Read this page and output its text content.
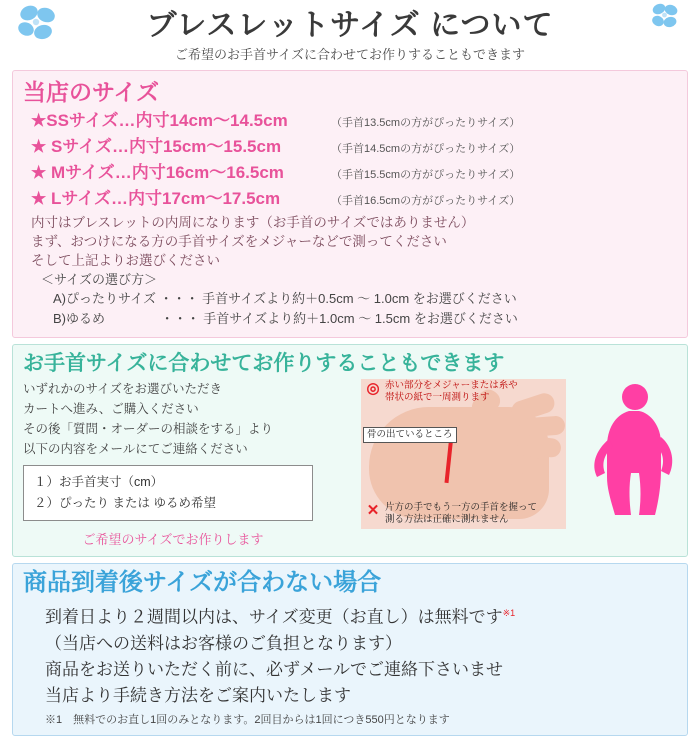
ブレスレットサイズ について
ご希望のお手首サイズに合わせてお作りすることもできます
当店のサイズ
★SSサイズ…内寸14cm〜14.5cm	（手首13.5cmの方がぴったりサイズ）
★ Sサイズ…内寸15cm〜15.5cm	（手首14.5cmの方がぴったりサイズ）
★ Mサイズ…内寸16cm〜16.5cm	（手首15.5cmの方がぴったりサイズ）
★ Lサイズ…内寸17cm〜17.5cm	（手首16.5cmの方がぴったりサイズ）
内寸はブレスレットの内周になります（お手首のサイズではありません）
まず、おつけになる方の手首サイズをメジャーなどで測ってください
そして上記よりお選びください
＜サイズの選び方＞
A)ぴったりサイズ ・・・ 手首サイズより約＋0.5cm 〜 1.0cm をお選びください
B)ゆるめ　　　　 ・・・ 手首サイズより約＋1.0cm 〜 1.5cm をお選びください
お手首サイズに合わせてお作りすることもできます
いずれかのサイズをお選びいただき
カートへ進み、ご購入ください
その後「質問・オーダーの相談をする」より
以下の内容をメールにてご連絡ください
１）お手首実寸（cm）
２）ぴったり または ゆるめ希望
ご希望のサイズでお作りします
◎ 赤い部分をメジャーまたは糸や
帯状の紙で一周測ります
骨の出ているところ
✕ 片方の手でもう一方の手首を握って
測る方法は正確に測れません
商品到着後サイズが合わない場合
到着日より２週間以内は、サイズ変更（お直し）は無料です$^{※1}$
（当店への送料はお客様のご負担となります）
商品をお送りいただく前に、必ずメールでご連絡下さいませ
当店より手続き方法をご案内いたします
※1　無料でのお直し1回のみとなります。2回目からは1回につき550円となります
